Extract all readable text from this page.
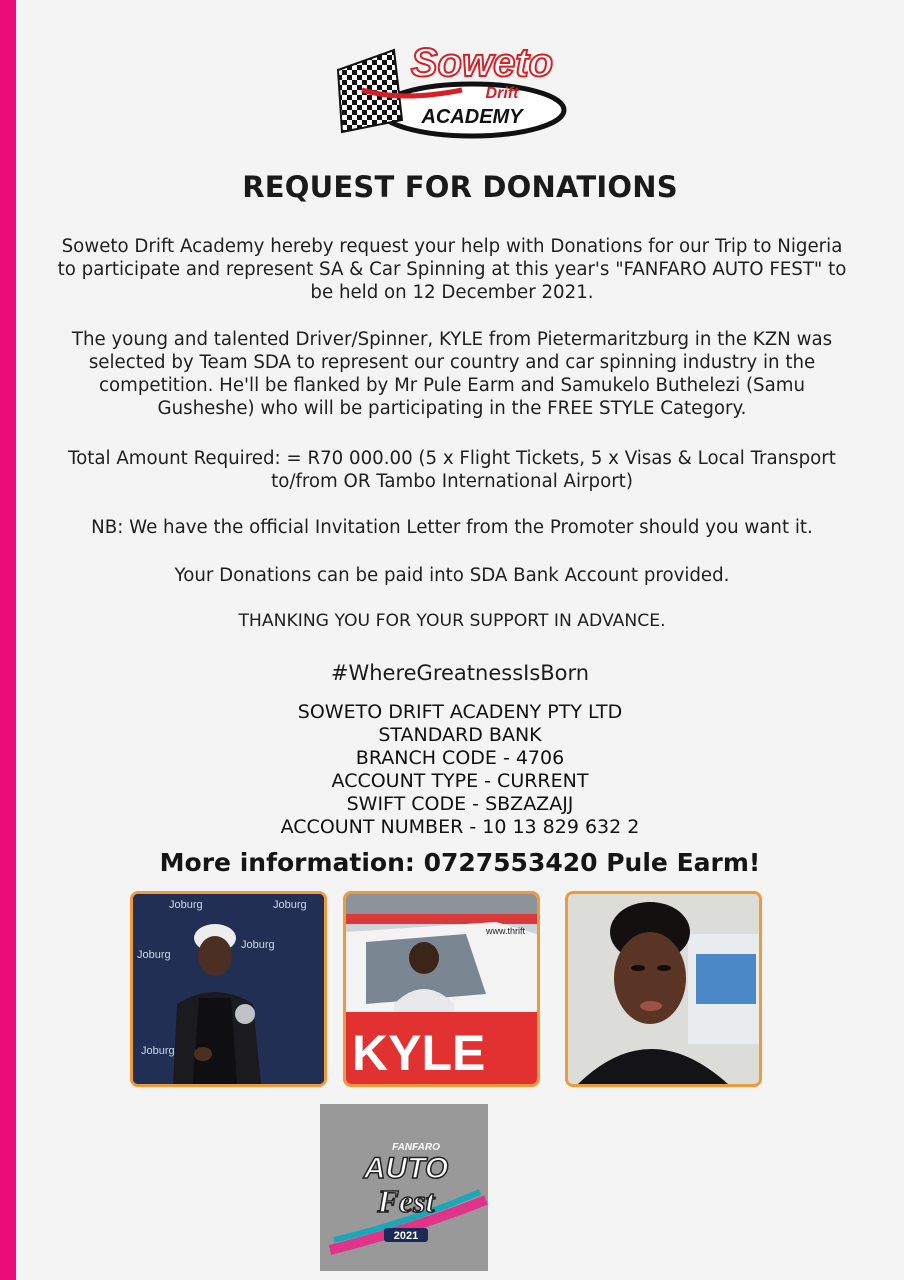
Soweto
Drift
ACADEMY
REQUEST FOR DONATIONS
Soweto Drift Academy hereby request your help with Donations for our Trip to Nigeria to participate and represent SA & Car Spinning at this year's "FANFARO AUTO FEST" to be held on 12 December 2021.
The young and talented Driver/Spinner, KYLE from Pietermaritzburg in the KZN was selected by Team SDA to represent our country and car spinning industry in the competition. He'll be flanked by Mr Pule Earm and Samukelo Buthelezi (Samu Gusheshe) who will be participating in the FREE STYLE Category.
Total Amount Required: = R70 000.00 (5 x Flight Tickets, 5 x Visas & Local Transport to/from OR Tambo International Airport)
NB: We have the official Invitation Letter from the Promoter should you want it.
Your Donations can be paid into SDA Bank Account provided.
THANKING YOU FOR YOUR SUPPORT IN ADVANCE.
#WhereGreatnessIsBorn
SOWETO DRIFT ACADENY PTY LTD
STANDARD BANK
BRANCH CODE - 4706
ACCOUNT TYPE - CURRENT
SWIFT CODE - SBZAZAJJ
ACCOUNT NUMBER - 10 13 829 632 2
More information: 0727553420 Pule Earm!
Joburg	Joburg
Joburg
Joburg
Joburg	KYLE
www.thrift
FANFARO
AUTO
Fest
2021
